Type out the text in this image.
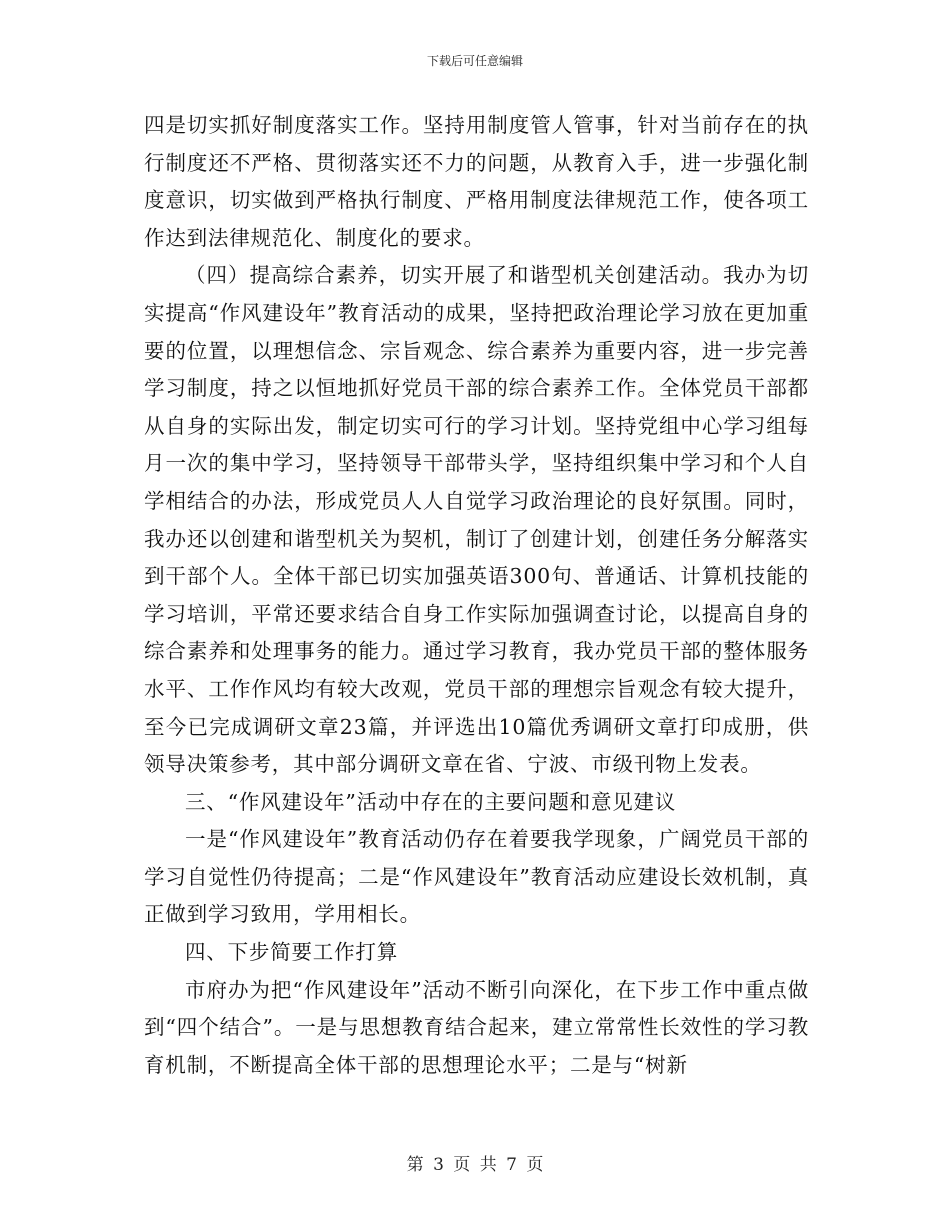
下载后可任意编辑

四是切实抓好制度落实工作。坚持用制度管人管事，针对当前存在的执行制度还不严格、贯彻落实还不力的问题，从教育入手，进一步强化制度意识，切实做到严格执行制度、严格用制度法律规范工作，使各项工作达到法律规范化、制度化的要求。

（四）提高综合素养，切实开展了和谐型机关创建活动。我办为切实提高“作风建设年”教育活动的成果，坚持把政治理论学习放在更加重要的位置，以理想信念、宗旨观念、综合素养为重要内容，进一步完善学习制度，持之以恒地抓好党员干部的综合素养工作。全体党员干部都从自身的实际出发，制定切实可行的学习计划。坚持党组中心学习组每月一次的集中学习，坚持领导干部带头学，坚持组织集中学习和个人自学相结合的办法，形成党员人人自觉学习政治理论的良好氛围。同时，我办还以创建和谐型机关为契机，制订了创建计划，创建任务分解落实到干部个人。全体干部已切实加强英语300句、普通话、计算机技能的学习培训，平常还要求结合自身工作实际加强调查讨论，以提高自身的综合素养和处理事务的能力。通过学习教育，我办党员干部的整体服务水平、工作作风均有较大改观，党员干部的理想宗旨观念有较大提升，至今已完成调研文章23篇，并评选出10篇优秀调研文章打印成册，供领导决策参考，其中部分调研文章在省、宁波、市级刊物上发表。

三、“作风建设年”活动中存在的主要问题和意见建议

一是“作风建设年”教育活动仍存在着要我学现象，广阔党员干部的学习自觉性仍待提高；二是“作风建设年”教育活动应建设长效机制，真正做到学习致用，学用相长。

四、下步简要工作打算

市府办为把“作风建设年”活动不断引向深化，在下步工作中重点做到“四个结合”。一是与思想教育结合起来，建立常常性长效性的学习教育机制，不断提高全体干部的思想理论水平；二是与“树新

第 3 页 共 7 页
